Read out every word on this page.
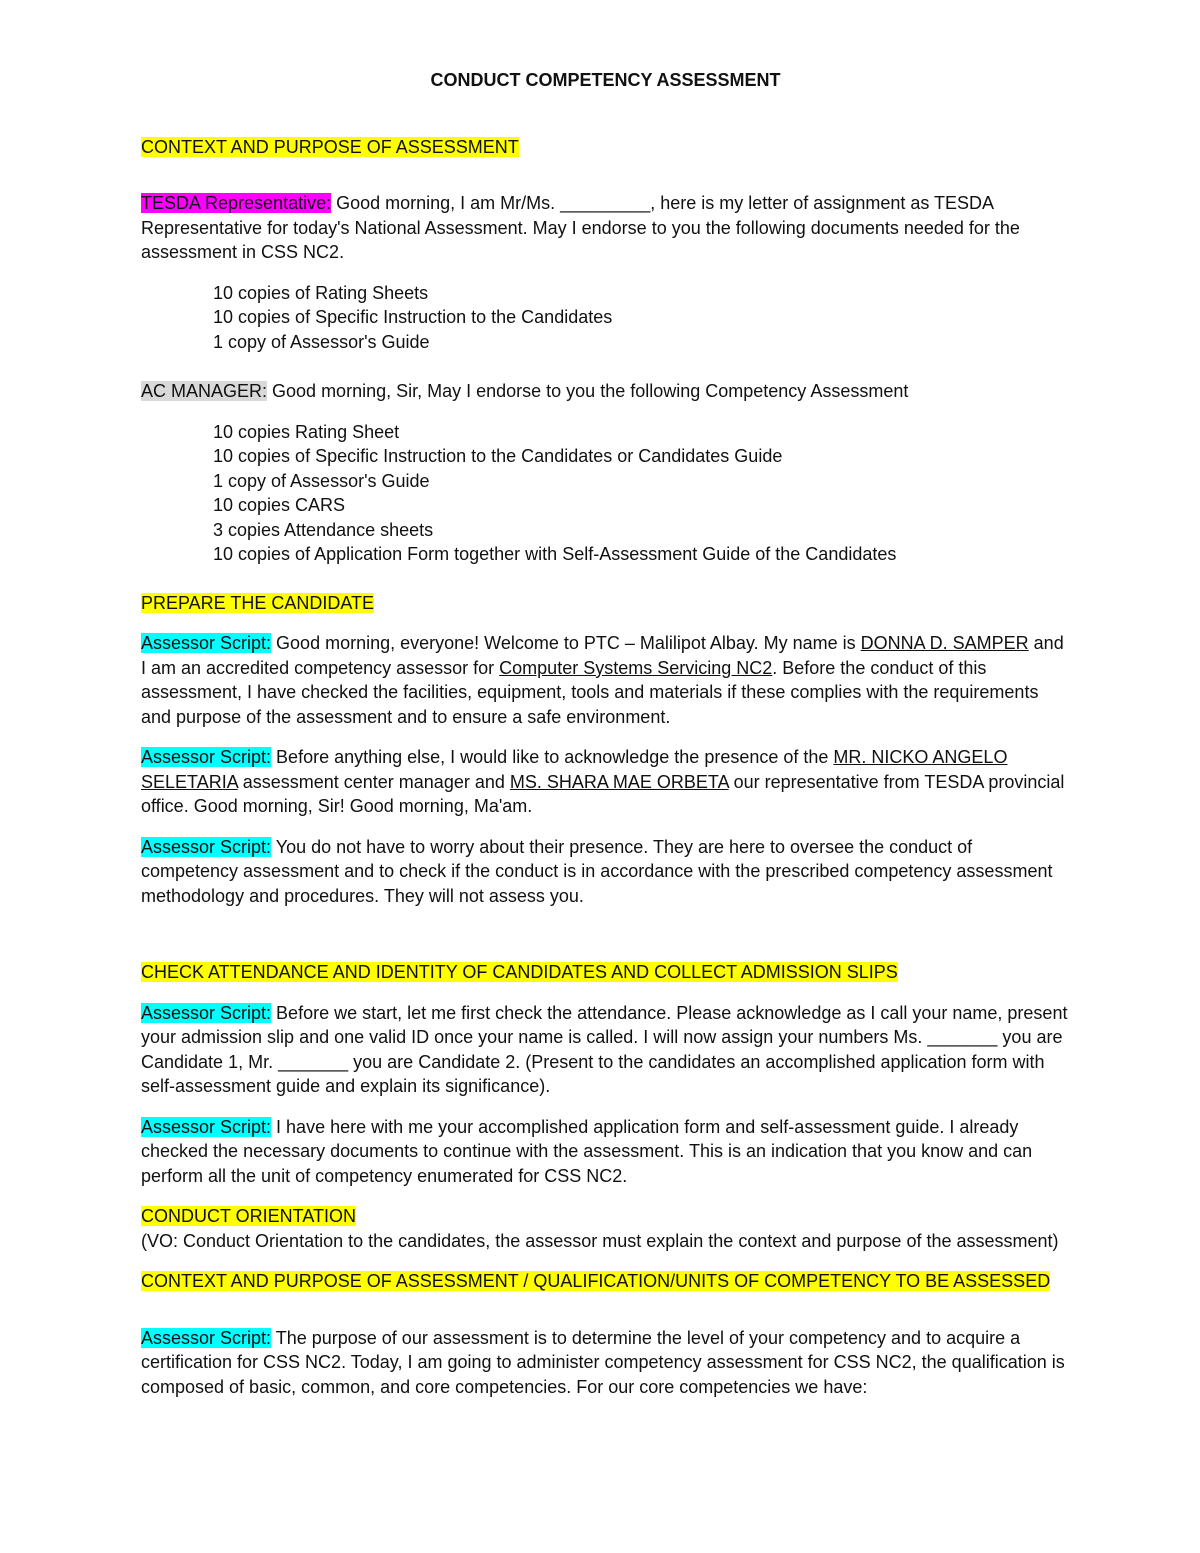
CONDUCT COMPETENCY ASSESSMENT

CONTEXT AND PURPOSE OF ASSESSMENT

TESDA Representative: Good morning, I am Mr/Ms. _________, here is my letter of assignment as TESDA Representative for today's National Assessment. May I endorse to you the following documents needed for the assessment in CSS NC2.

10 copies of Rating Sheets
10 copies of Specific Instruction to the Candidates
1 copy of Assessor's Guide

AC MANAGER: Good morning, Sir, May I endorse to you the following Competency Assessment

10 copies Rating Sheet
10 copies of Specific Instruction to the Candidates or Candidates Guide
1 copy of Assessor's Guide
10 copies CARS
3 copies Attendance sheets
10 copies of Application Form together with Self-Assessment Guide of the Candidates

PREPARE THE CANDIDATE

Assessor Script: Good morning, everyone! Welcome to PTC – Malilipot Albay. My name is DONNA D. SAMPER and I am an accredited competency assessor for Computer Systems Servicing NC2. Before the conduct of this assessment, I have checked the facilities, equipment, tools and materials if these complies with the requirements and purpose of the assessment and to ensure a safe environment.

Assessor Script: Before anything else, I would like to acknowledge the presence of the MR. NICKO ANGELO SELETARIA assessment center manager and MS. SHARA MAE ORBETA our representative from TESDA provincial office. Good morning, Sir! Good morning, Ma'am.

Assessor Script: You do not have to worry about their presence. They are here to oversee the conduct of competency assessment and to check if the conduct is in accordance with the prescribed competency assessment methodology and procedures. They will not assess you.

CHECK ATTENDANCE AND IDENTITY OF CANDIDATES AND COLLECT ADMISSION SLIPS

Assessor Script: Before we start, let me first check the attendance. Please acknowledge as I call your name, present your admission slip and one valid ID once your name is called. I will now assign your numbers Ms. _______ you are Candidate 1, Mr. _______ you are Candidate 2. (Present to the candidates an accomplished application form with self-assessment guide and explain its significance).

Assessor Script: I have here with me your accomplished application form and self-assessment guide. I already checked the necessary documents to continue with the assessment. This is an indication that you know and can perform all the unit of competency enumerated for CSS NC2.

CONDUCT ORIENTATION

(VO: Conduct Orientation to the candidates, the assessor must explain the context and purpose of the assessment)

CONTEXT AND PURPOSE OF ASSESSMENT / QUALIFICATION/UNITS OF COMPETENCY TO BE ASSESSED

Assessor Script: The purpose of our assessment is to determine the level of your competency and to acquire a certification for CSS NC2. Today, I am going to administer competency assessment for CSS NC2, the qualification is composed of basic, common, and core competencies. For our core competencies we have:
